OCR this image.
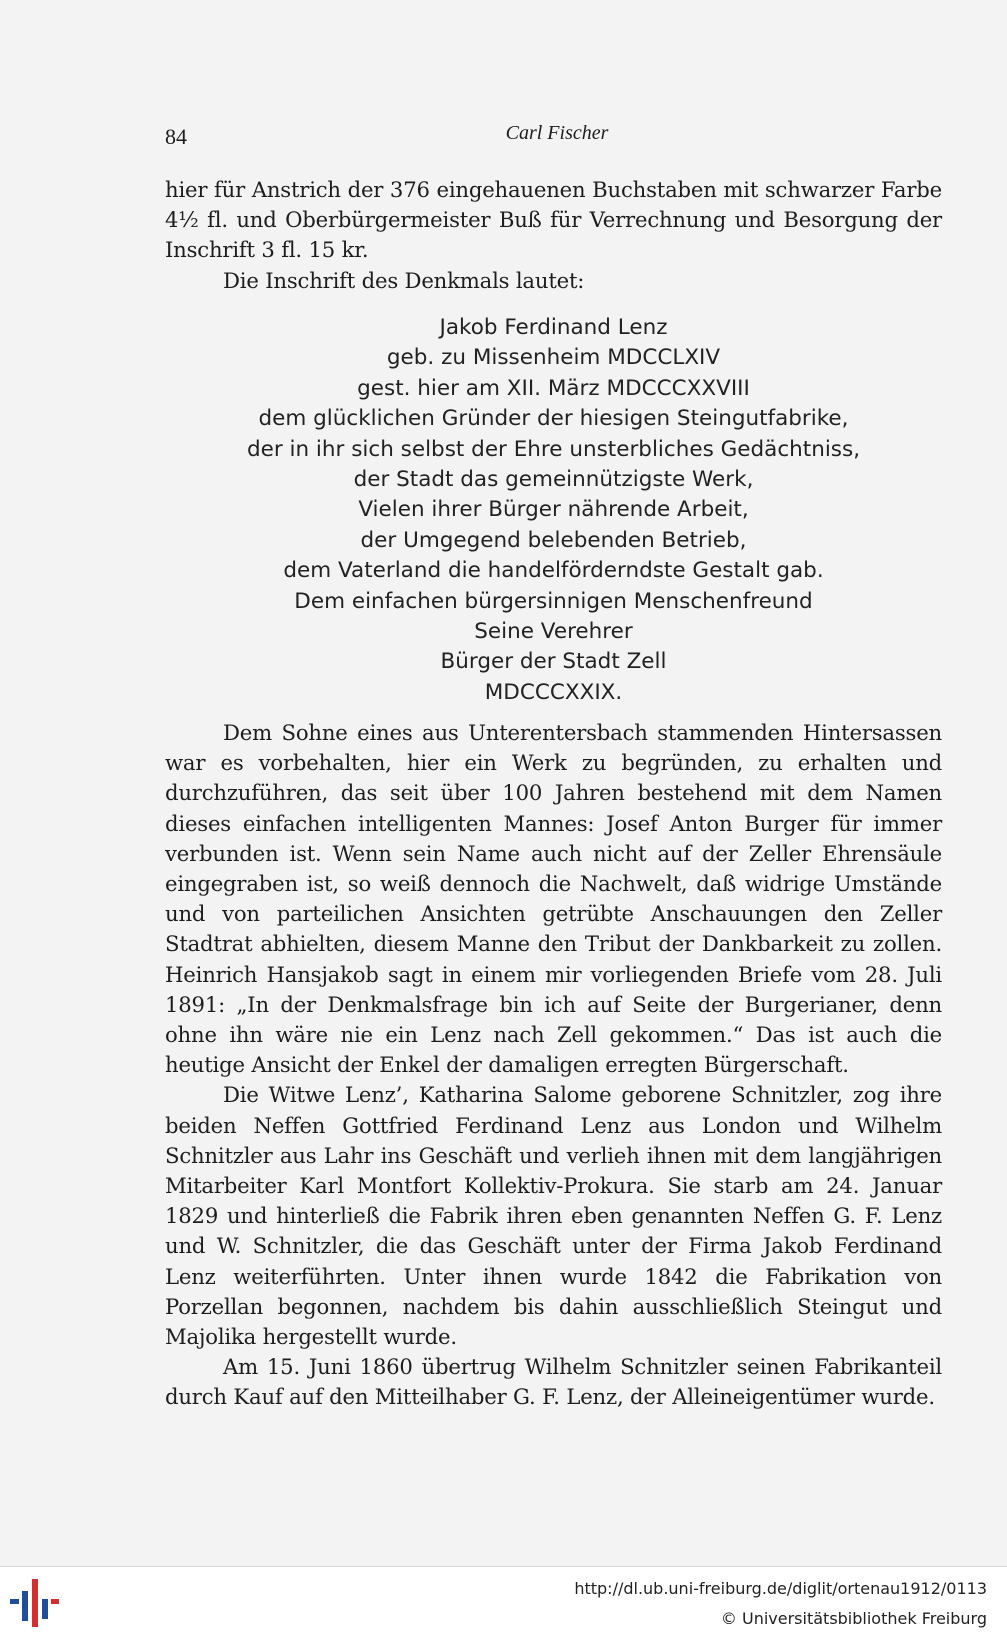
84	Carl Fischer

hier für Anstrich der 376 eingehauenen Buchstaben mit schwarzer Farbe 4½ fl. und Oberbürgermeister Buß für Verrechnung und Besorgung der Inschrift 3 fl. 15 kr.

Die Inschrift des Denkmals lautet:

Jakob Ferdinand Lenz
geb. zu Missenheim MDCCLXIV
gest. hier am XII. März MDCCCXXVIII
dem glücklichen Gründer der hiesigen Steingutfabrike,
der in ihr sich selbst der Ehre unsterbliches Gedächtniss,
der Stadt das gemeinnützigste Werk,
Vielen ihrer Bürger nährende Arbeit,
der Umgegend belebenden Betrieb,
dem Vaterland die handelförderndste Gestalt gab.
Dem einfachen bürgersinnigen Menschenfreund
Seine Verehrer
Bürger der Stadt Zell
MDCCCXXIX.

Dem Sohne eines aus Unterentersbach stammenden Hintersassen war es vorbehalten, hier ein Werk zu begründen, zu erhalten und durchzuführen, das seit über 100 Jahren bestehend mit dem Namen dieses einfachen intelligenten Mannes: Josef Anton Burger für immer verbunden ist. Wenn sein Name auch nicht auf der Zeller Ehrensäule eingegraben ist, so weiß dennoch die Nachwelt, daß widrige Umstände und von parteilichen Ansichten getrübte Anschauungen den Zeller Stadtrat abhielten, diesem Manne den Tribut der Dankbarkeit zu zollen. Heinrich Hansjakob sagt in einem mir vorliegenden Briefe vom 28. Juli 1891: „In der Denkmalsfrage bin ich auf Seite der Burgerianer, denn ohne ihn wäre nie ein Lenz nach Zell gekommen.“ Das ist auch die heutige Ansicht der Enkel der damaligen erregten Bürgerschaft.

Die Witwe Lenz’, Katharina Salome geborene Schnitzler, zog ihre beiden Neffen Gottfried Ferdinand Lenz aus London und Wilhelm Schnitzler aus Lahr ins Geschäft und verlieh ihnen mit dem langjährigen Mitarbeiter Karl Montfort Kollektiv-Prokura. Sie starb am 24. Januar 1829 und hinterließ die Fabrik ihren eben genannten Neffen G. F. Lenz und W. Schnitzler, die das Geschäft unter der Firma Jakob Ferdinand Lenz weiterführten. Unter ihnen wurde 1842 die Fabrikation von Porzellan begonnen, nachdem bis dahin ausschließlich Steingut und Majolika hergestellt wurde.

Am 15. Juni 1860 übertrug Wilhelm Schnitzler seinen Fabrikanteil durch Kauf auf den Mitteilhaber G. F. Lenz, der Alleineigentümer wurde.

http://dl.ub.uni-freiburg.de/diglit/ortenau1912/0113
© Universitätsbibliothek Freiburg
